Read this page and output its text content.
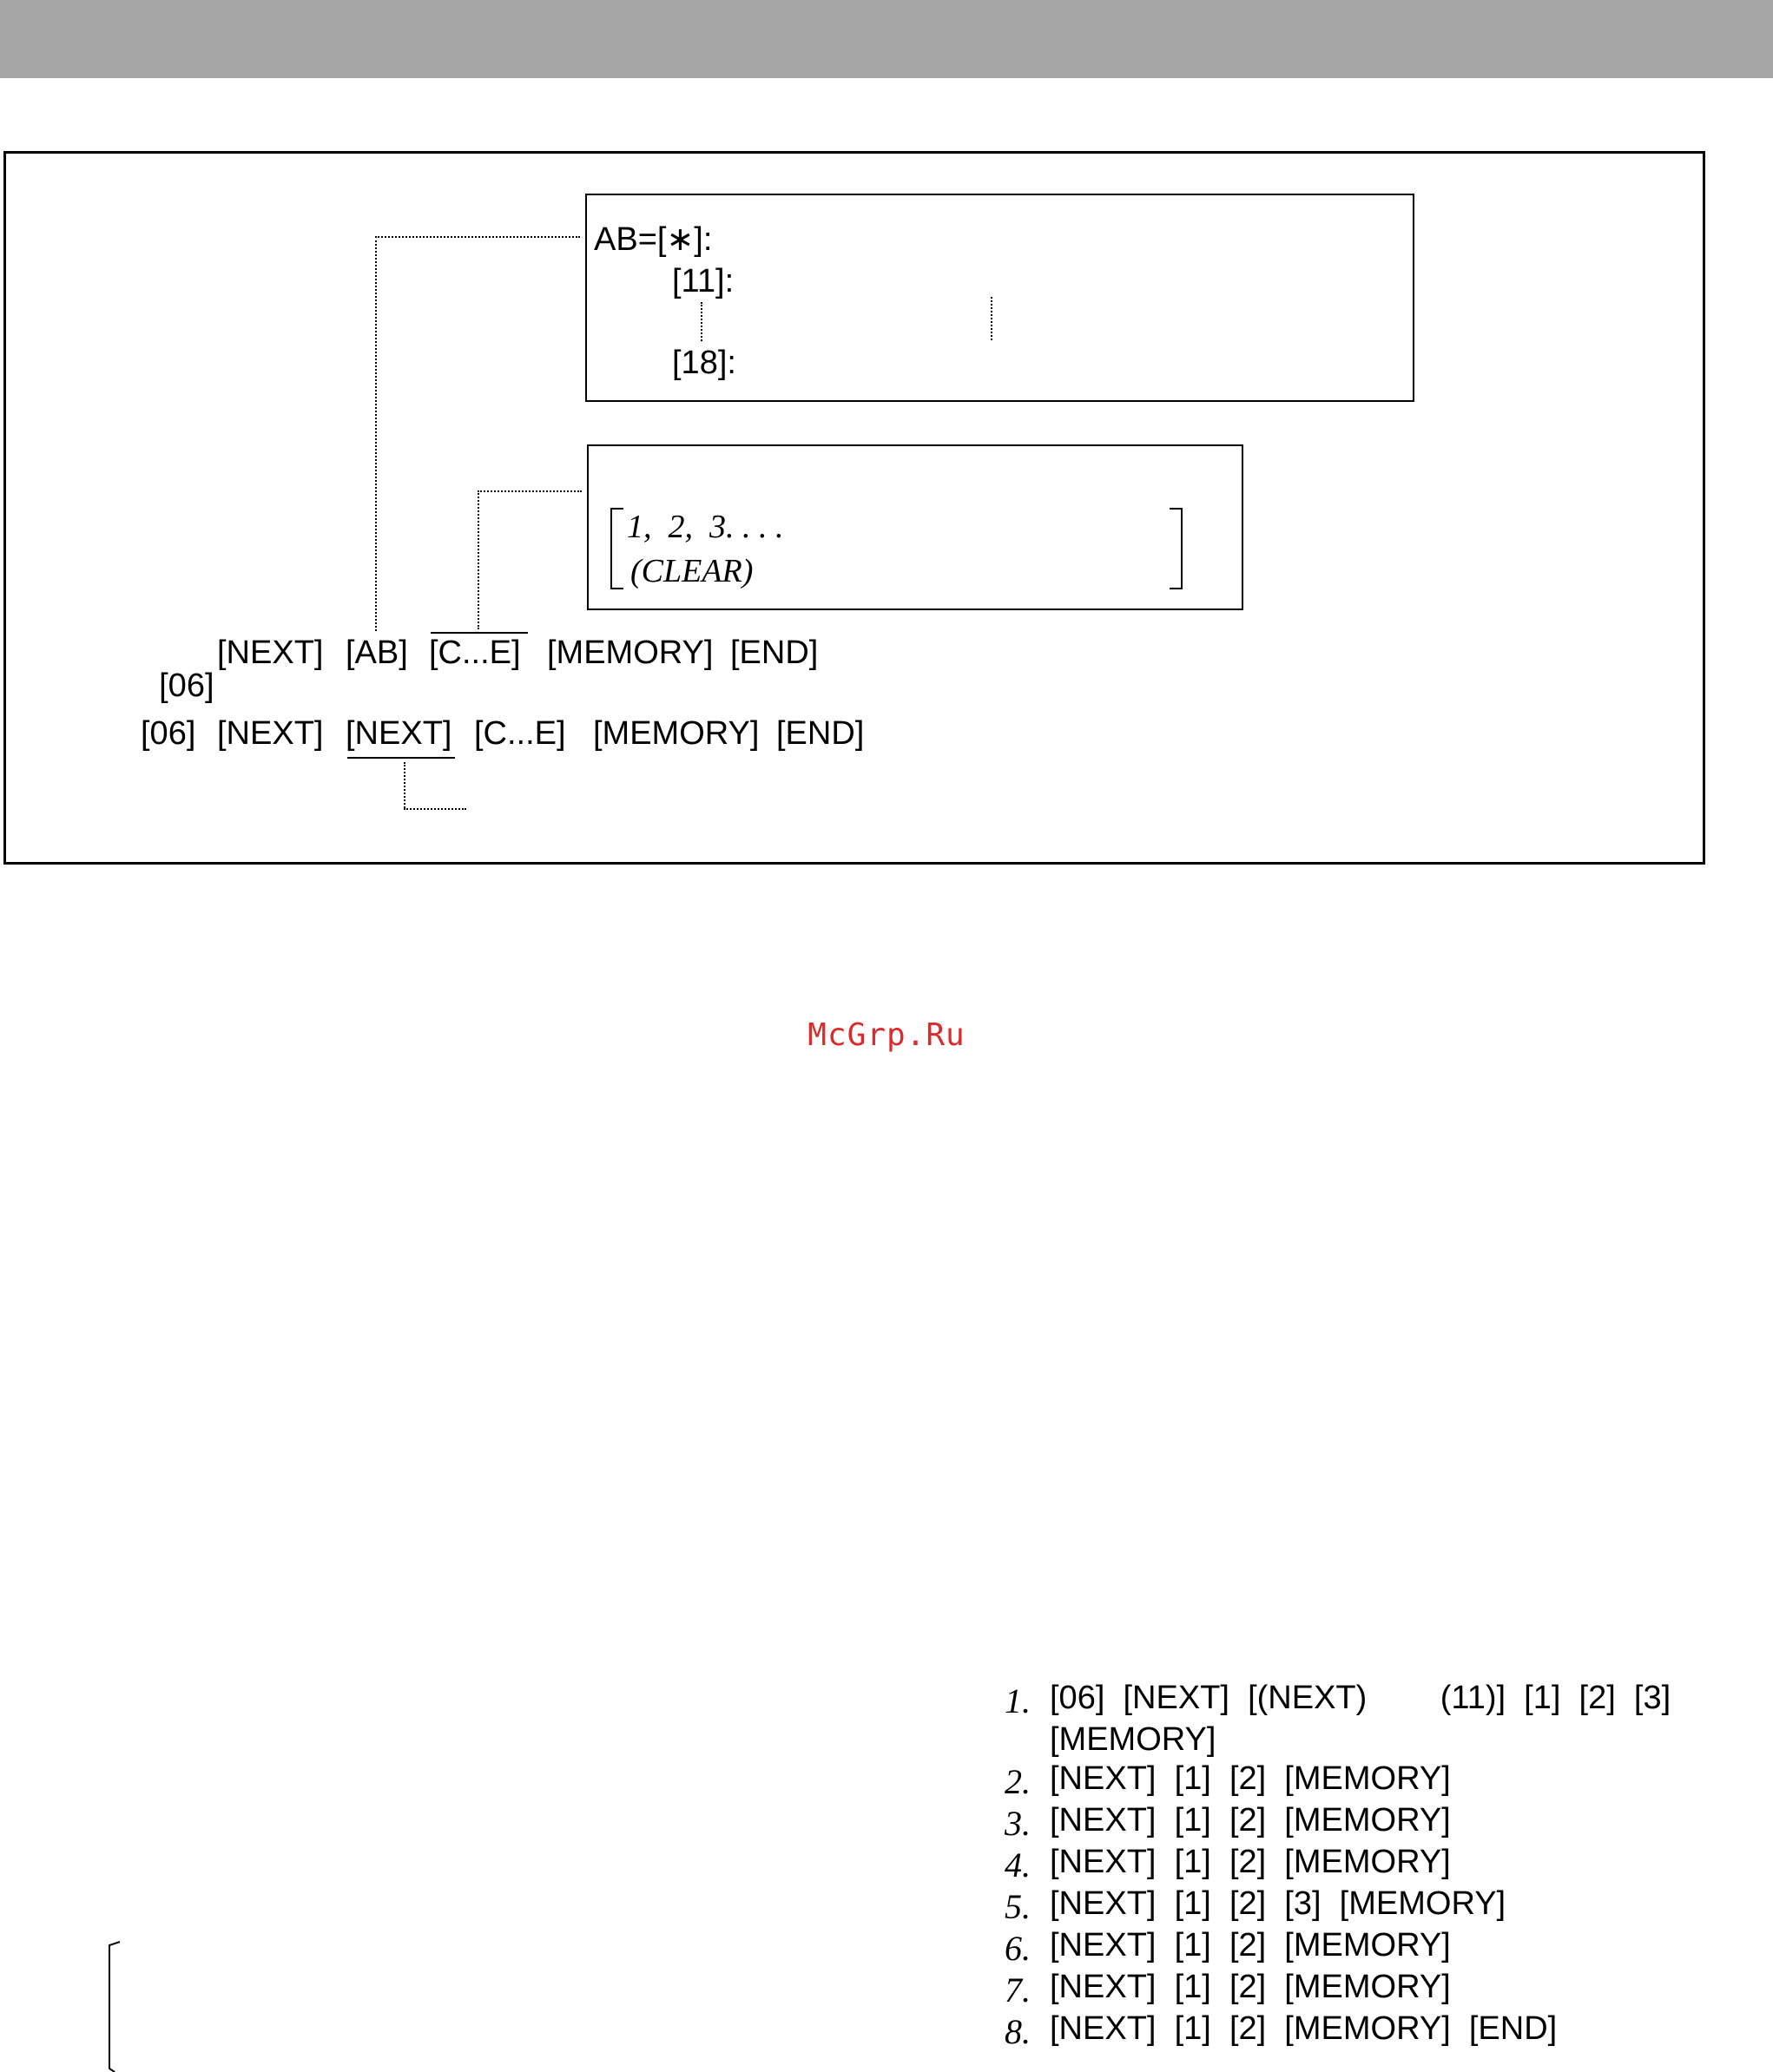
AB=[∗]:
[11]:
[18]:
1,  2,  3. . . .
(CLEAR)

[06]

[NEXT] [AB] [C...E] [MEMORY] [END]
[06] [NEXT] [NEXT] [C...E] [MEMORY] [END]
McGrp.Ru
1. [06]  [NEXT]  [(NEXT)        (11)]  [1]  [2]  [3]
[MEMORY]
2. [NEXT]  [1]  [2]  [MEMORY]
3. [NEXT]  [1]  [2]  [MEMORY]
4. [NEXT]  [1]  [2]  [MEMORY]
5. [NEXT]  [1]  [2]  [3]  [MEMORY]
6. [NEXT]  [1]  [2]  [MEMORY]
7. [NEXT]  [1]  [2]  [MEMORY]
8. [NEXT]  [1]  [2]  [MEMORY]  [END]
